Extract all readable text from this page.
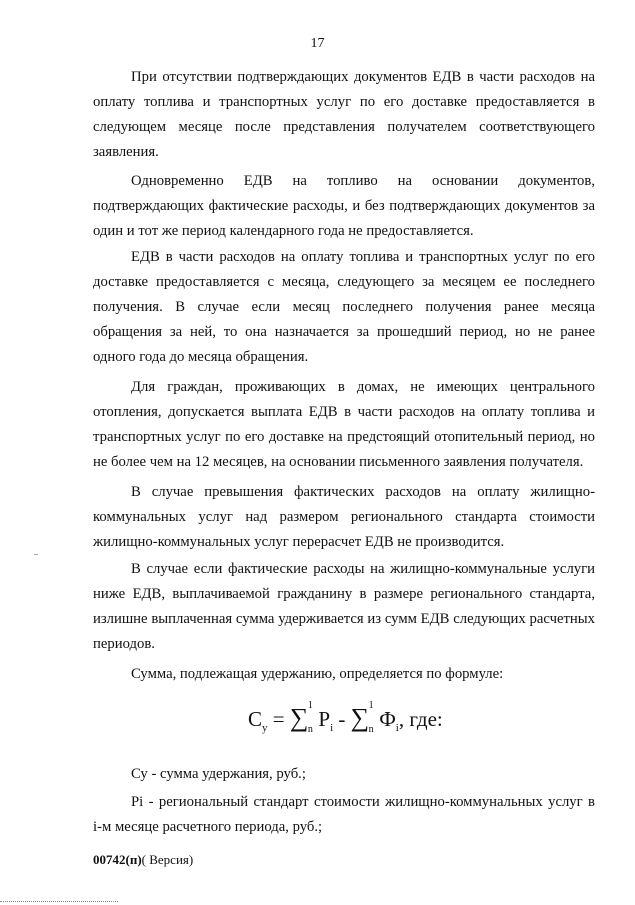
17

При отсутствии подтверждающих документов ЕДВ в части расходов на оплату топлива и транспортных услуг по его доставке предоставляется в следующем месяце после представления получателем соответствующего заявления.

Одновременно ЕДВ на топливо на основании документов, подтверждающих фактические расходы, и без подтверждающих документов за один и тот же период календарного года не предоставляется.

ЕДВ в части расходов на оплату топлива и транспортных услуг по его доставке предоставляется с месяца, следующего за месяцем ее последнего получения. В случае если месяц последнего получения ранее месяца обращения за ней, то она назначается за прошедший период, но не ранее одного года до месяца обращения.

Для граждан, проживающих в домах, не имеющих центрального отопления, допускается выплата ЕДВ в части расходов на оплату топлива и транспортных услуг по его доставке на предстоящий отопительный период, но не более чем на 12 месяцев, на основании письменного заявления получателя.

В случае превышения фактических расходов на оплату жилищно-коммунальных услуг над размером регионального стандарта стоимости жилищно-коммунальных услуг перерасчет ЕДВ не производится.

В случае если фактические расходы на жилищно-коммунальные услуги ниже ЕДВ, выплачиваемой гражданину в размере регионального стандарта, излишне выплаченная сумма удерживается из сумм ЕДВ следующих расчетных периодов.

Сумма, подлежащая удержанию, определяется по формуле:

$С_у$ = ∑ 1
n $Р_i$ - ∑ 1
n $Ф_i$, где:

Су - сумма удержания, руб.;

Рi - региональный стандарт стоимости жилищно-коммунальных услуг в i-м месяце расчетного периода, руб.;

00742(п)( Версия)
